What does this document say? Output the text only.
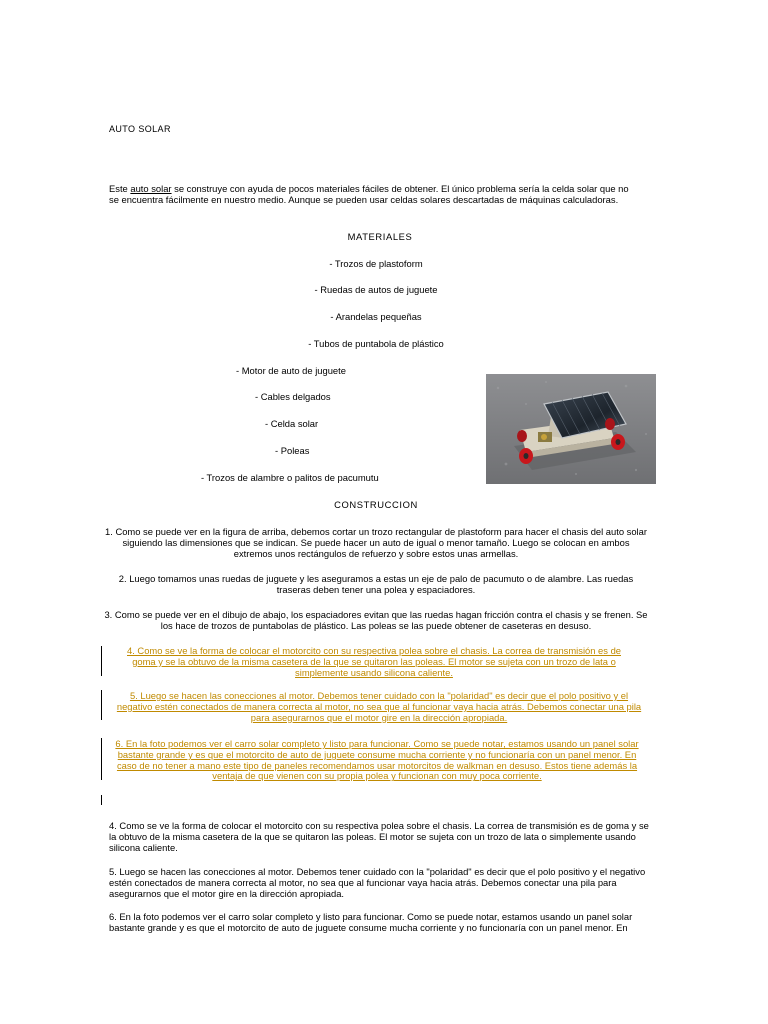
AUTO SOLAR
Este auto solar se construye con ayuda de pocos materiales fáciles de obtener. El único problema sería la celda solar que no se encuentra fácilmente en nuestro medio. Aunque se pueden usar celdas solares descartadas de máquinas calculadoras.
MATERIALES
- Trozos de plastoform
- Ruedas de autos de juguete
- Arandelas pequeñas
- Tubos de puntabola de plástico
- Motor de auto de juguete
- Cables delgados
- Celda solar
- Poleas
- Trozos de alambre o palitos de pacumutu
CONSTRUCCION
1. Como se puede ver en la figura de arriba, debemos cortar un trozo rectangular de plastoform para hacer el chasis del auto solar siguiendo las dimensiones que se indican. Se puede hacer un auto de igual o menor tamaño. Luego se colocan en ambos extremos unos rectángulos de refuerzo y sobre estos unas armellas.
2. Luego tomamos unas ruedas de juguete y les aseguramos a estas un eje de palo de pacumuto o de alambre. Las ruedas traseras deben tener una polea y espaciadores.
3. Como se puede ver en el dibujo de abajo, los espaciadores evitan que las ruedas hagan fricción contra el chasis y se frenen. Se los hace de trozos de puntabolas de plástico. Las poleas se las puede obtener de caseteras en desuso.
4. Como se ve la forma de colocar el motorcito con su respectiva polea sobre el chasis. La correa de transmisión es de goma y se la obtuvo de la misma casetera de la que se quitaron las poleas. El motor se sujeta con un trozo de lata o simplemente usando silicona caliente.
5. Luego se hacen las conecciones al motor. Debemos tener cuidado con la "polaridad" es decir que el polo positivo y el negativo estén conectados de manera correcta al motor, no sea que al funcionar vaya hacia atrás. Debemos conectar una pila para asegurarnos que el motor gire en la dirección apropiada.
6. En la foto podemos ver el carro solar completo y listo para funcionar. Como se puede notar, estamos usando un panel solar bastante grande y es que el motorcito de auto de juguete consume mucha corriente y no funcionaría con un panel menor. En caso de no tener a mano este tipo de paneles recomendamos usar motorcitos de walkman en desuso. Estos tiene además la ventaja de que vienen con su propia polea y funcionan con muy poca corriente.
4. Como se ve la forma de colocar el motorcito con su respectiva polea sobre el chasis. La correa de transmisión es de goma y se la obtuvo de la misma casetera de la que se quitaron las poleas. El motor se sujeta con un trozo de lata o simplemente usando silicona caliente.
5. Luego se hacen las conecciones al motor. Debemos tener cuidado con la "polaridad" es decir que el polo positivo y el negativo estén conectados de manera correcta al motor, no sea que al funcionar vaya hacia atrás. Debemos conectar una pila para asegurarnos que el motor gire en la dirección apropiada.
6. En la foto podemos ver el carro solar completo y listo para funcionar. Como se puede notar, estamos usando un panel solar bastante grande y es que el motorcito de auto de juguete consume mucha corriente y no funcionaría con un panel menor. En
